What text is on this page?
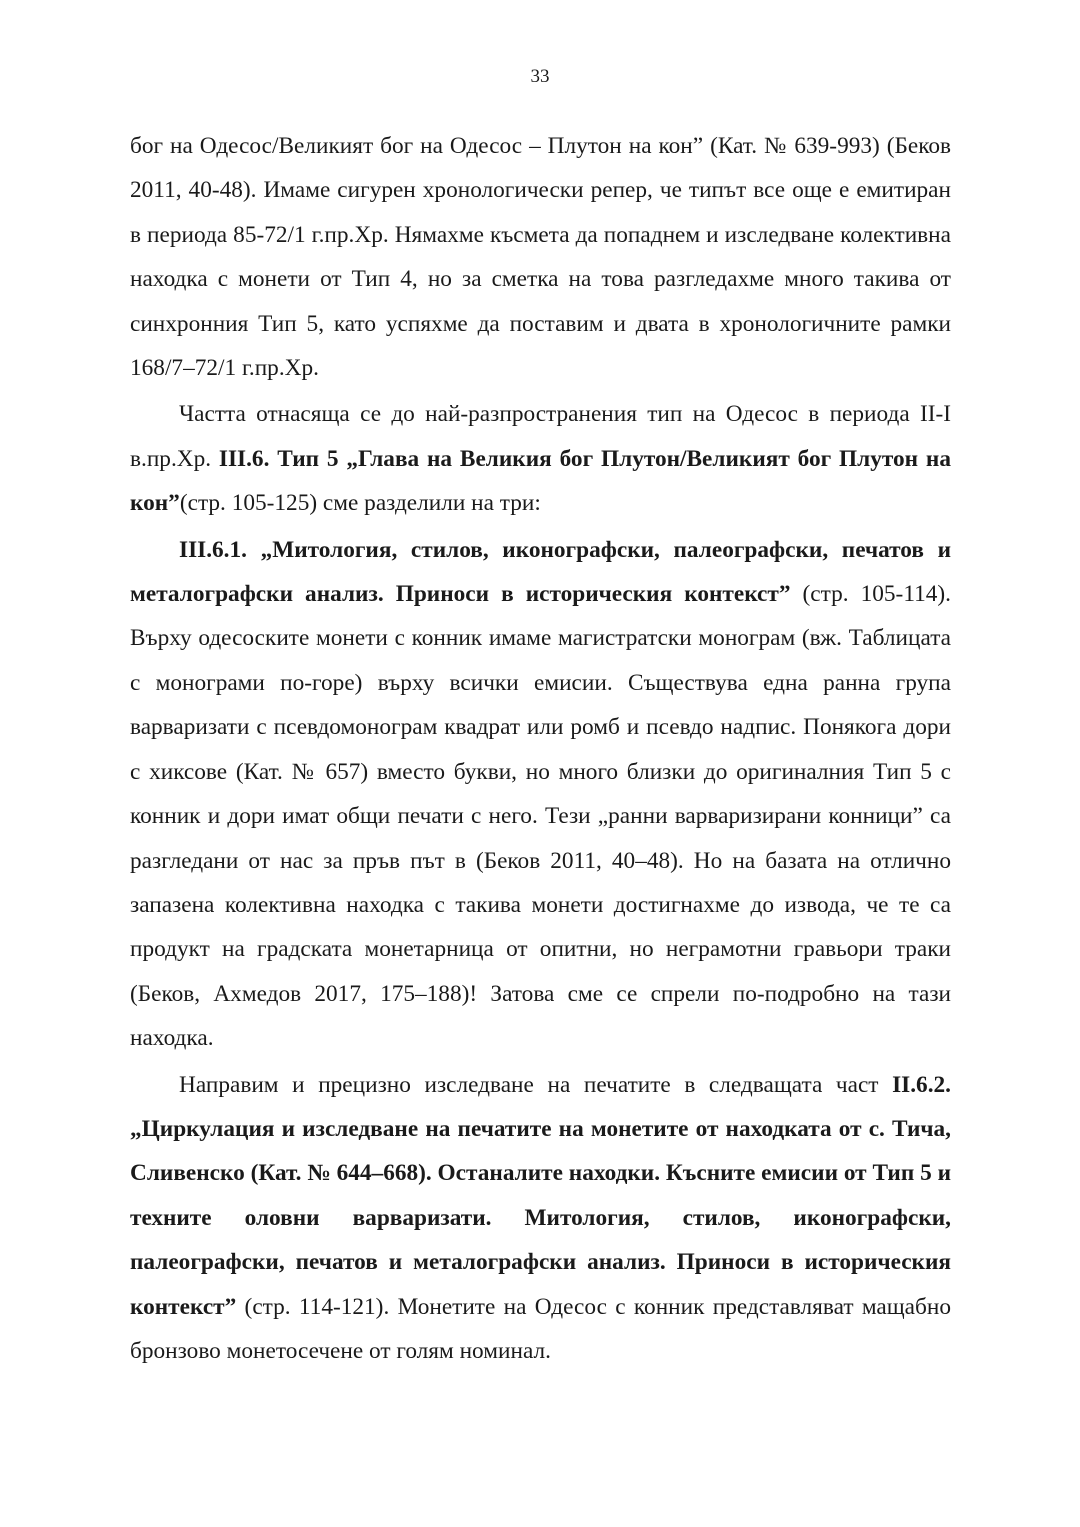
33

бог на Одесос/Великият бог на Одесос – Плутон на кон” (Кат. № 639-993) (Беков 2011, 40-48). Имаме сигурен хронологически репер, че типът все още е емитиран в периода 85-72/1 г.пр.Хр. Нямахме късмета да попаднем и изследване колективна находка с монети от Тип 4, но за сметка на това разгледахме много такива от синхронния Тип 5, като успяхме да поставим и двата в хронологичните рамки 168/7–72/1 г.пр.Хр.

Частта отнасяща се до най-разпространения тип на Одесос в периода II-I в.пр.Хр. III.6. Тип 5 „Глава на Великия бог Плутон/Великият бог Плутон на кон”(стр. 105-125) сме разделили на три:

III.6.1. „Митология, стилов, иконографски, палеографски, печатов и металографски анализ. Приноси в историческия контекст” (стр. 105-114). Върху одесоските монети с конник имаме магистратски монограм (вж. Таблицата с монограми по-горе) върху всички емисии. Съществува една ранна група варваризати с псевдомонограм квадрат или ромб и псевдо надпис. Понякога дори с хиксове (Кат. № 657) вместо букви, но много близки до оригиналния Тип 5 с конник и дори имат общи печати с него. Тези „ранни варваризирани конници” са разгледани от нас за пръв път в (Беков 2011, 40–48). Но на базата на отлично запазена колективна находка с такива монети достигнахме до извода, че те са продукт на градската монетарница от опитни, но неграмотни гравьори траки (Беков, Ахмедов 2017, 175–188)! Затова сме се спрели по-подробно на тази находка.

Направим и прецизно изследване на печатите в следващата част II.6.2. „Циркулация и изследване на печатите на монетите от находката от с. Тича, Сливенско (Кат. № 644–668). Останалите находки. Късните емисии от Тип 5 и техните оловни варваризати. Митология, стилов, иконографски, палеографски, печатов и металографски анализ. Приноси в историческия контекст” (стр. 114-121). Монетите на Одесос с конник представляват мащабно бронзово монетосечене от голям номинал.
